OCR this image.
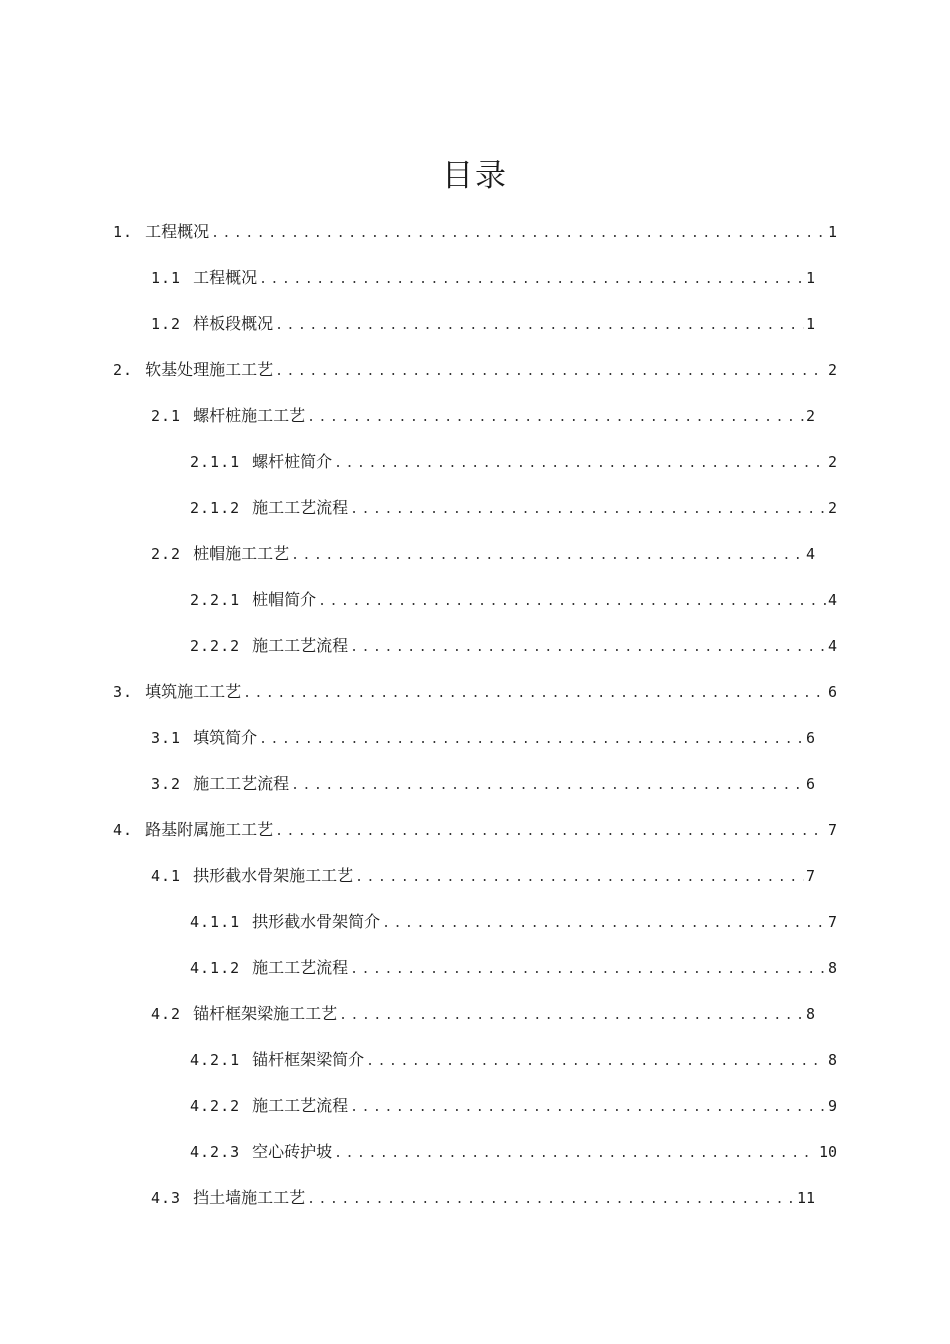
目录
1. 工程概况 .....	1
1.1 工程概况 .....	1
1.2 样板段概况 .....	1
2. 软基处理施工工艺 .....	2
2.1 螺杆桩施工工艺 .....	2
2.1.1 螺杆桩简介 .....	2
2.1.2 施工工艺流程 .....	2
2.2 桩帽施工工艺 .....	4
2.2.1 桩帽简介 .....	4
2.2.2 施工工艺流程 .....	4
3. 填筑施工工艺 .....	6
3.1 填筑简介 .....	6
3.2 施工工艺流程 .....	6
4. 路基附属施工工艺 .....	7
4.1 拱形截水骨架施工工艺 .....	7
4.1.1 拱形截水骨架简介 .....	7
4.1.2 施工工艺流程 .....	8
4.2 锚杆框架梁施工工艺 .....	8
4.2.1 锚杆框架梁简介 .....	8
4.2.2 施工工艺流程 .....	9
4.2.3 空心砖护坡 .....	10
4.3 挡土墙施工工艺 .....	11
